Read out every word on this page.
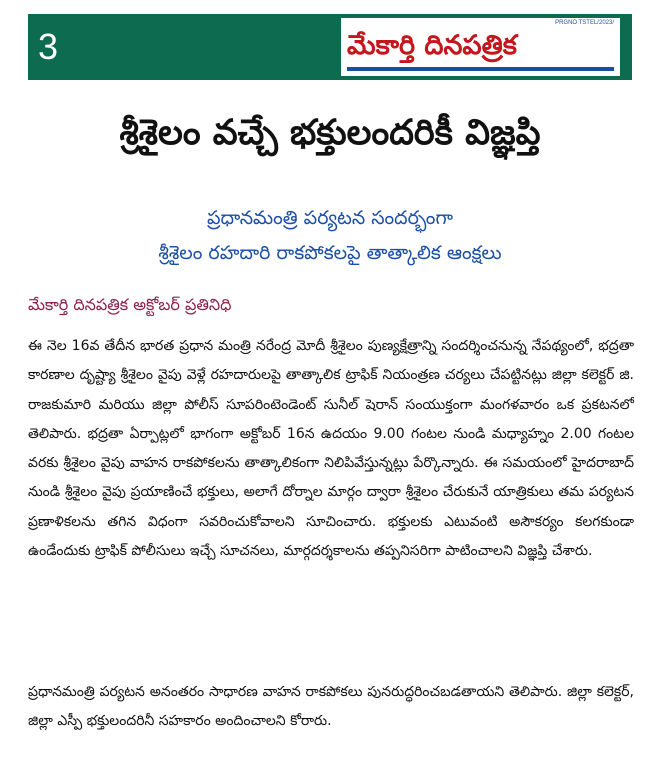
3
PRGNO TSTEL/2023/
మేకార్తి దినపత్రిక
శ్రీశైలం వచ్చే భక్తులందరికీ విజ్ఞప్తి
ప్రధానమంత్రి పర్యటన సందర్భంగా
శ్రీశైలం రహదారి రాకపోకలపై తాత్కాలిక ఆంక్షలు
మేకార్తి దినపత్రిక అక్టోబర్ ప్రతినిధి

ఈ నెల 16వ తేదీన భారత ప్రధాన మంత్రి నరేంద్ర మోదీ శ్రీశైలం పుణ్యక్షేత్రాన్ని సందర్శించనున్న నేపథ్యంలో, భద్రతా కారణాల దృష్ట్యా శ్రీశైలం వైపు వెళ్లే రహదారులపై తాత్కాలిక ట్రాఫిక్ నియంత్రణ చర్యలు చేపట్టినట్లు జిల్లా కలెక్టర్ జి. రాజకుమారి మరియు జిల్లా పోలీస్ సూపరింటెండెంట్ సునీల్ షెరాన్ సంయుక్తంగా మంగళవారం ఒక ప్రకటనలో తెలిపారు. భద్రతా ఏర్పాట్లలో భాగంగా అక్టోబర్ 16న ఉదయం 9.00 గంటల నుండి మధ్యాహ్నం 2.00 గంటల వరకు శ్రీశైలం వైపు వాహన రాకపోకలను తాత్కాలికంగా నిలిపివేస్తున్నట్లు పేర్కొన్నారు. ఈ సమయంలో హైదరాబాద్ నుండి శ్రీశైలం వైపు ప్రయాణించే భక్తులు, అలాగే దోర్నాల మార్గం ద్వారా శ్రీశైలం చేరుకునే యాత్రికులు తమ పర్యటన ప్రణాళికలను తగిన విధంగా సవరించుకోవాలని సూచించారు. భక్తులకు ఎటువంటి అసౌకర్యం కలగకుండా ఉండేందుకు ట్రాఫిక్ పోలీసులు ఇచ్చే సూచనలు, మార్గదర్శకాలను తప్పనిసరిగా పాటించాలని విజ్ఞప్తి చేశారు.

ప్రధానమంత్రి పర్యటన అనంతరం సాధారణ వాహన రాకపోకలు పునరుద్ధరించబడతాయని తెలిపారు. జిల్లా కలెక్టర్, జిల్లా ఎస్పీ భక్తులందరినీ సహకారం అందించాలని కోరారు.
